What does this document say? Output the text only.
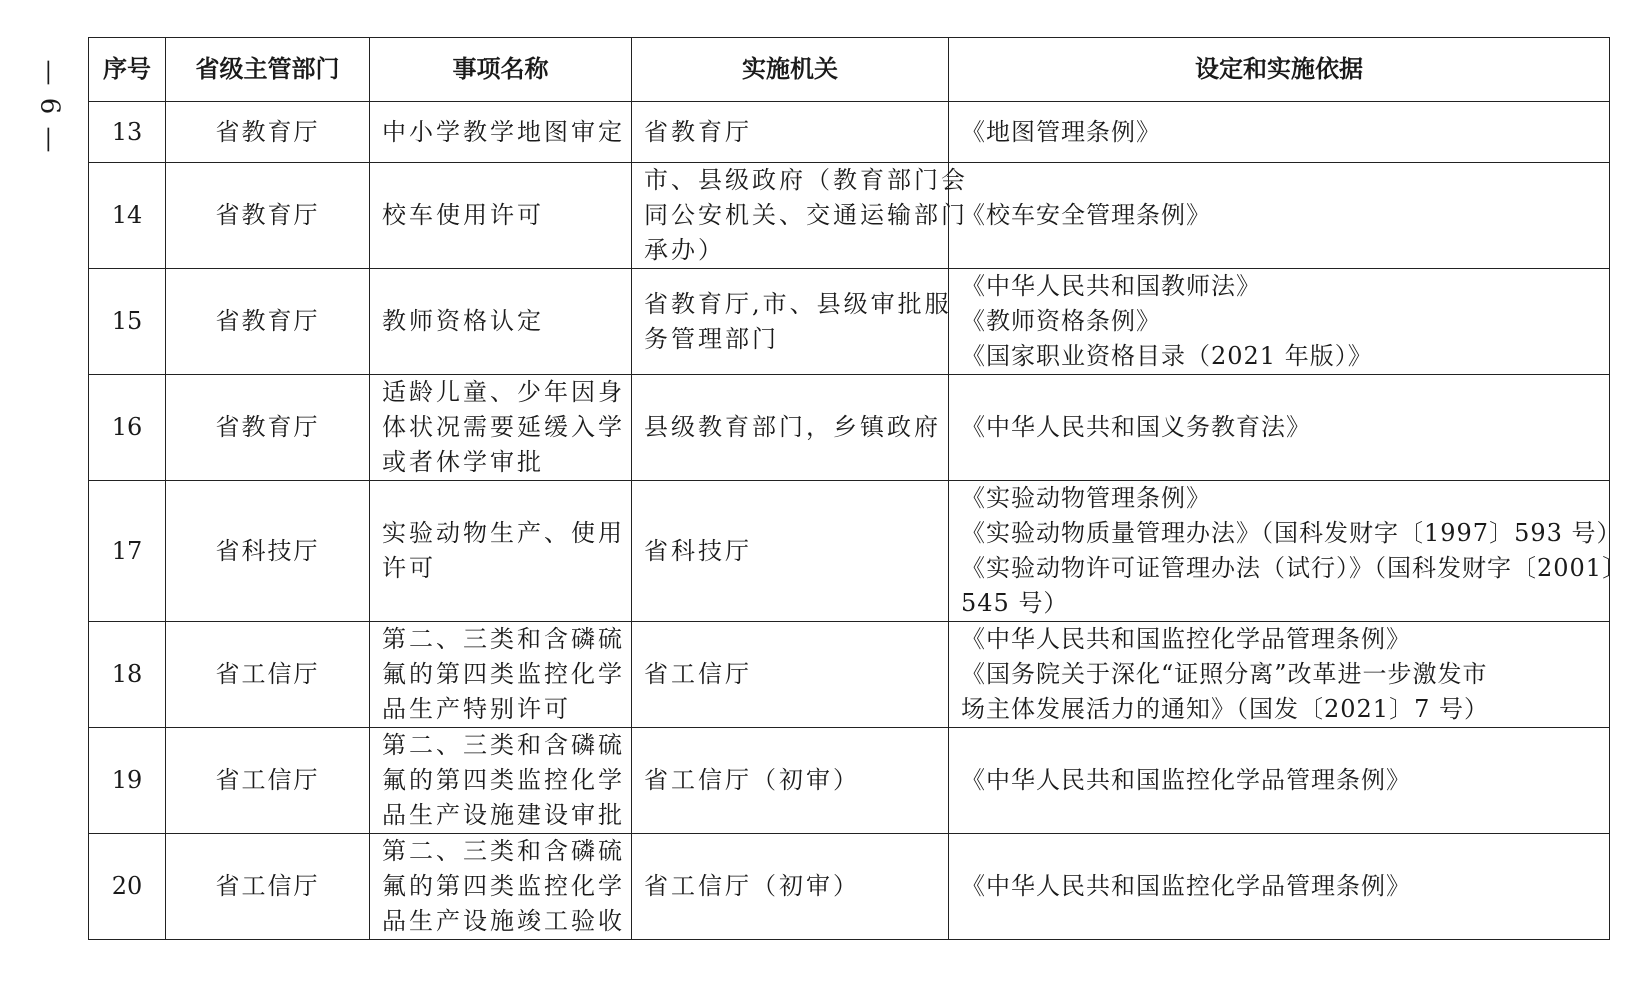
— 6 — 序号	省级主管部门	事项名称	实施机关	设定和实施依据
13	省教育厅	中小学教学地图审定	省教育厅	《地图管理条例》

14	省教育厅	校车使用许可	市、县级政府（教育部门会
同公安机关、交通运输部门
承办）	《校车安全管理条例》

15	省教育厅	教师资格认定	省教育厅,市、县级审批服
务管理部门	《中华人民共和国教师法》
《教师资格条例》
《国家职业资格目录（2021 年版）》

16	省教育厅	适龄儿童、少年因身
体状况需要延缓入学
或者休学审批	县级教育部门，乡镇政府	《中华人民共和国义务教育法》

17	省科技厅	实验动物生产、使用
许可	省科技厅	《实验动物管理条例》
《实验动物质量管理办法》（国科发财字〔1997〕593 号）
《实验动物许可证管理办法（试行）》（国科发财字〔2001〕
545 号）

18	省工信厅	第二、三类和含磷硫
氟的第四类监控化学
品生产特别许可	省工信厅	《中华人民共和国监控化学品管理条例》
《国务院关于深化“证照分离”改革进一步激发市
场主体发展活力的通知》（国发〔2021〕7 号）

19	省工信厅	第二、三类和含磷硫
氟的第四类监控化学
品生产设施建设审批	省工信厅（初审）	《中华人民共和国监控化学品管理条例》

20	省工信厅	第二、三类和含磷硫
氟的第四类监控化学
品生产设施竣工验收	省工信厅（初审）	《中华人民共和国监控化学品管理条例》
